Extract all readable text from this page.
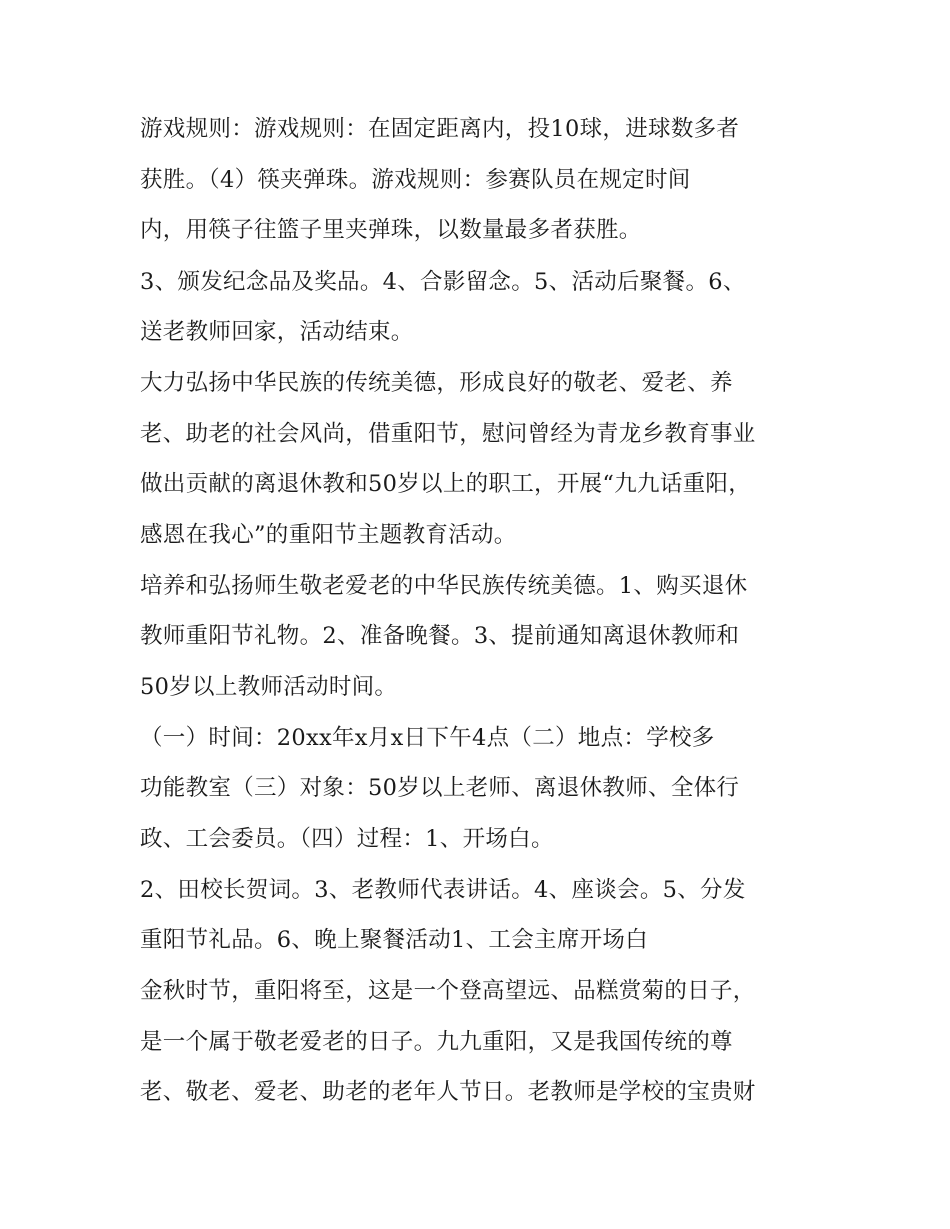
游戏规则：游戏规则：在固定距离内，投10球，进球数多者
获胜。（4）筷夹弹珠。游戏规则：参赛队员在规定时间
内，用筷子往篮子里夹弹珠，以数量最多者获胜。
3、颁发纪念品及奖品。4、合影留念。5、活动后聚餐。6、
送老教师回家，活动结束。
大力弘扬中华民族的传统美德，形成良好的敬老、爱老、养
老、助老的社会风尚，借重阳节，慰问曾经为青龙乡教育事业
做出贡献的离退休教和50岁以上的职工，开展“九九话重阳，
感恩在我心”的重阳节主题教育活动。
培养和弘扬师生敬老爱老的中华民族传统美德。1、购买退休
教师重阳节礼物。2、准备晚餐。3、提前通知离退休教师和
50岁以上教师活动时间。
（一）时间：20xx年x月x日下午4点（二）地点：学校多
功能教室（三）对象：50岁以上老师、离退休教师、全体行
政、工会委员。（四）过程：1、开场白。
2、田校长贺词。3、老教师代表讲话。4、座谈会。5、分发
重阳节礼品。6、晚上聚餐活动1、工会主席开场白
金秋时节，重阳将至，这是一个登高望远、品糕赏菊的日子，
是一个属于敬老爱老的日子。九九重阳，又是我国传统的尊
老、敬老、爱老、助老的老年人节日。老教师是学校的宝贵财
